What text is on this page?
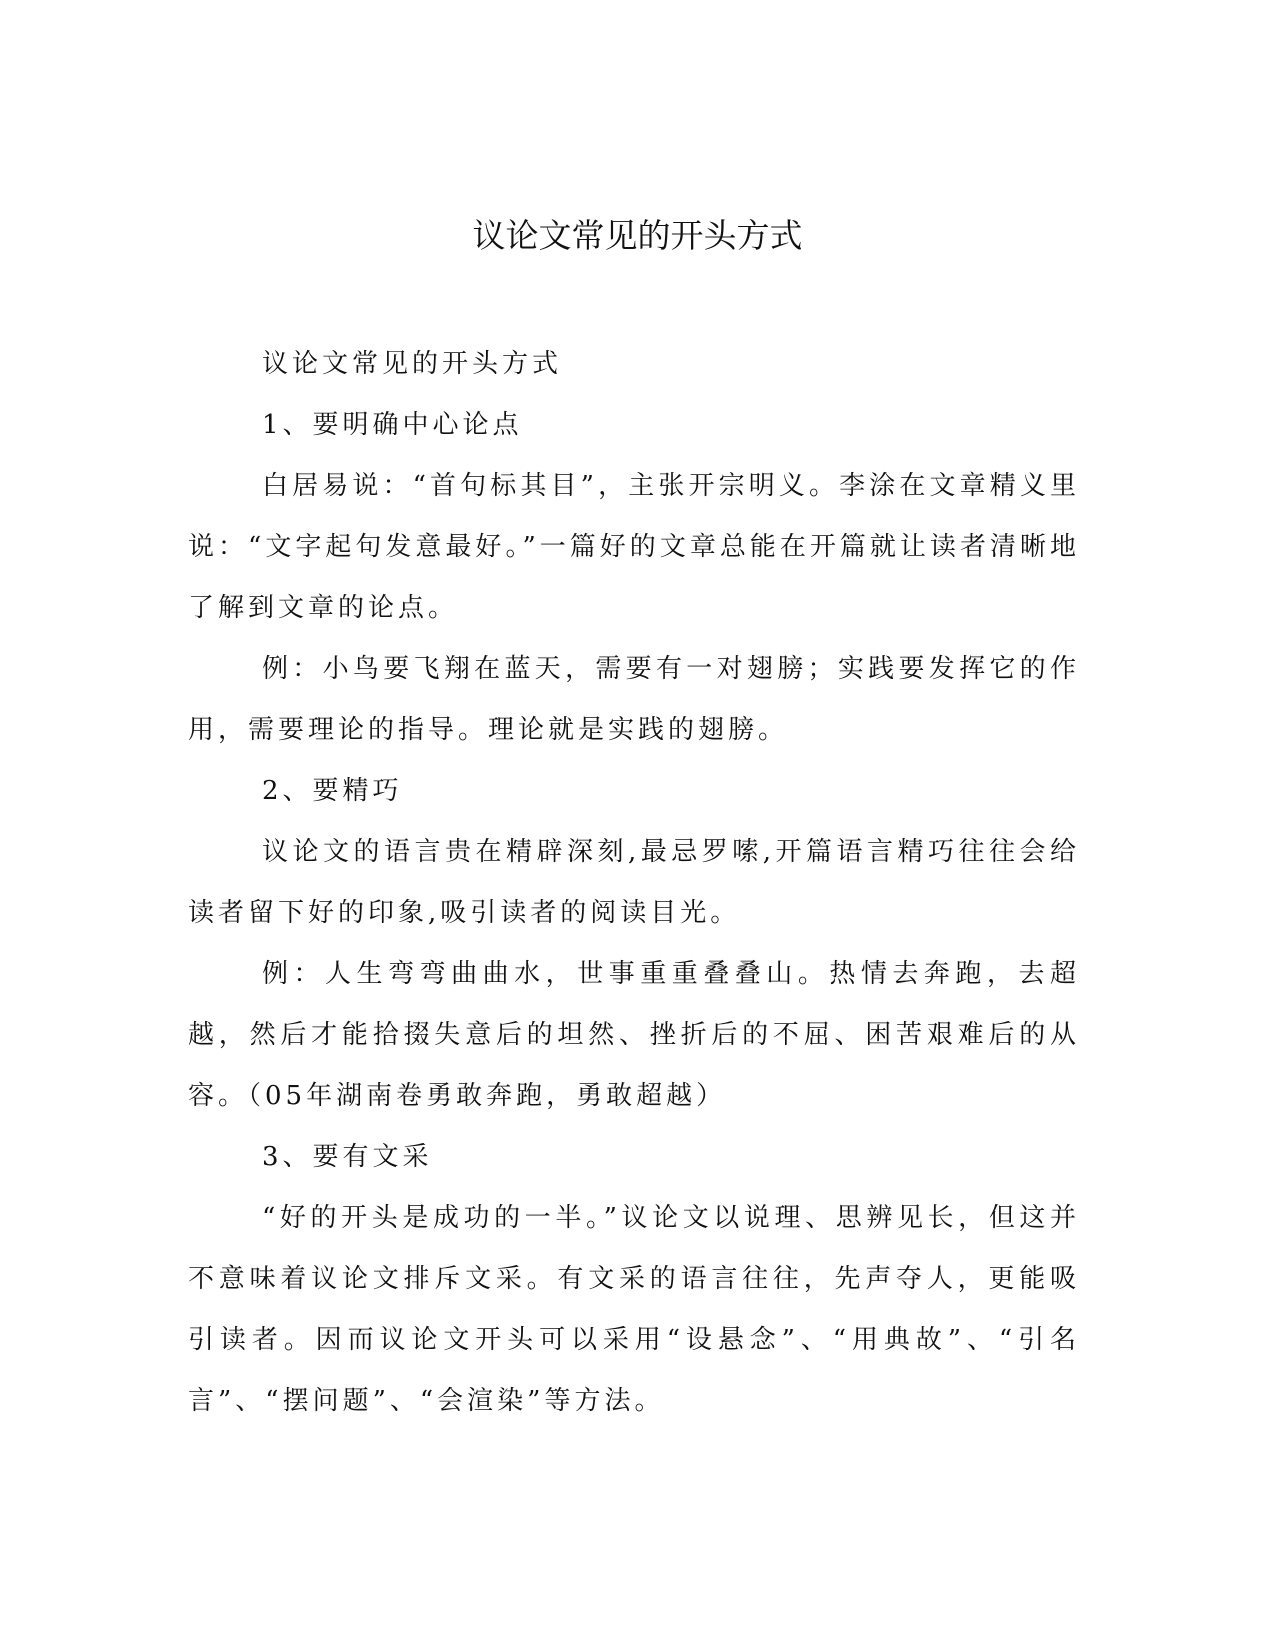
议论文常见的开头方式

议论文常见的开头方式

1、要明确中心论点

白居易说：“首句标其目”，主张开宗明义。李涂在文章精义里说：“文字起句发意最好。”一篇好的文章总能在开篇就让读者清晰地了解到文章的论点。

例：小鸟要飞翔在蓝天，需要有一对翅膀；实践要发挥它的作用，需要理论的指导。理论就是实践的翅膀。

2、要精巧

议论文的语言贵在精辟深刻,最忌罗嗦,开篇语言精巧往往会给读者留下好的印象,吸引读者的阅读目光。

例：人生弯弯曲曲水，世事重重叠叠山。热情去奔跑，去超越，然后才能拾掇失意后的坦然、挫折后的不屈、困苦艰难后的从容。（05年湖南卷勇敢奔跑，勇敢超越）

3、要有文采

“好的开头是成功的一半。”议论文以说理、思辨见长，但这并不意味着议论文排斥文采。有文采的语言往往，先声夺人，更能吸引读者。因而议论文开头可以采用“设悬念”、“用典故”、“引名言”、“摆问题”、“会渲染”等方法。
